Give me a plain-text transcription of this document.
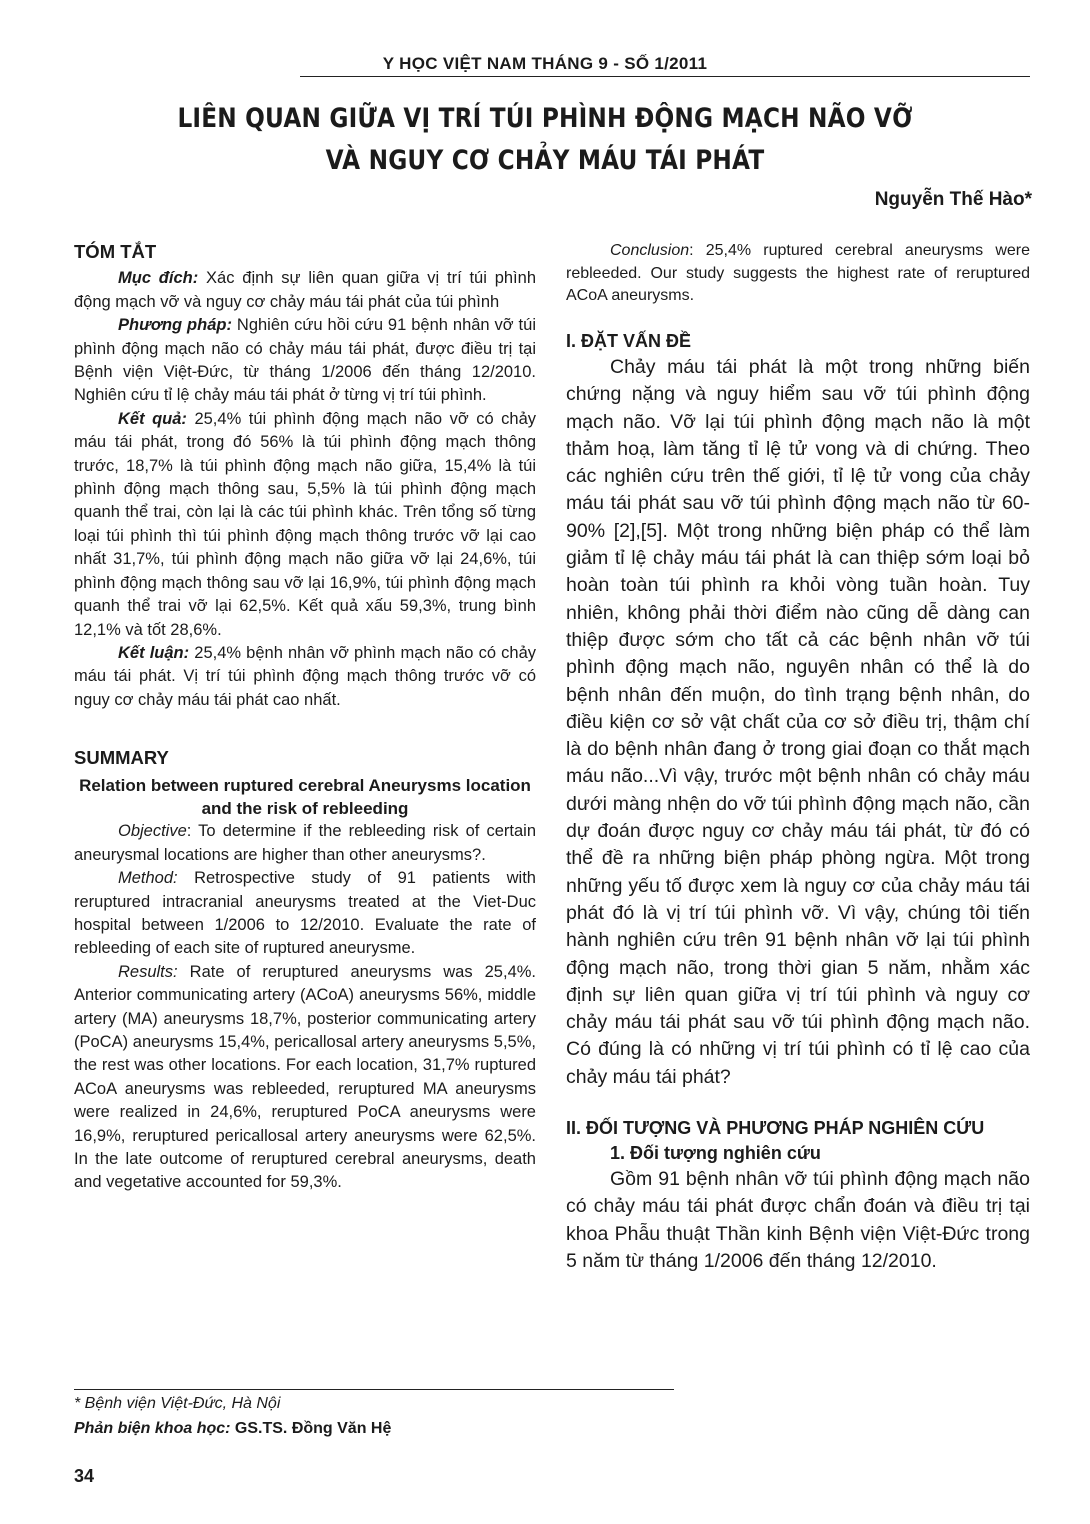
Y HỌC VIỆT NAM THÁNG 9 - SỐ 1/2011
LIÊN QUAN GIỮA VỊ TRÍ TÚI PHÌNH ĐỘNG MẠCH NÃO VỠ
VÀ NGUY CƠ CHẢY MÁU TÁI PHÁT
Nguyễn Thế Hào*
TÓM TẮT

Mục đích: Xác định sự liên quan giữa vị trí túi phình động mạch vỡ và nguy cơ chảy máu tái phát của túi phình

Phương pháp: Nghiên cứu hồi cứu 91 bệnh nhân vỡ túi phình động mạch não có chảy máu tái phát, được điều trị tại Bệnh viện Việt-Đức, từ tháng 1/2006 đến tháng 12/2010. Nghiên cứu tỉ lệ chảy máu tái phát ở từng vị trí túi phình.

Kết quả: 25,4% túi phình động mạch não vỡ có chảy máu tái phát, trong đó 56% là túi phình động mạch thông trước, 18,7% là túi phình động mạch não giữa, 15,4% là túi phình động mạch thông sau, 5,5% là túi phình động mạch quanh thể trai, còn lại là các túi phình khác. Trên tổng số từng loại túi phình thì túi phình động mạch thông trước vỡ lại cao nhất 31,7%, túi phình động mạch não giữa vỡ lại 24,6%, túi phình động mạch thông sau vỡ lại 16,9%, túi phình động mạch quanh thể trai vỡ lại 62,5%. Kết quả xấu 59,3%, trung bình 12,1% và tốt 28,6%.

Kết luận: 25,4% bệnh nhân vỡ phình mạch não có chảy máu tái phát. Vị trí túi phình động mạch thông trước vỡ có nguy cơ chảy máu tái phát cao nhất.

SUMMARY
Relation between ruptured cerebral Aneurysms location and the risk of rebleeding

Objective: To determine if the rebleeding risk of certain aneurysmal locations are higher than other aneurysms?.

Method: Retrospective study of 91 patients with reruptured intracranial aneurysms treated at the Viet-Duc hospital between 1/2006 to 12/2010. Evaluate the rate of rebleeding of each site of ruptured aneurysme.

Results: Rate of reruptured aneurysms was 25,4%. Anterior communicating artery (ACoA) aneurysms 56%, middle artery (MA) aneurysms 18,7%, posterior communicating artery (PoCA) aneurysms 15,4%, pericallosal artery aneurysms 5,5%, the rest was other locations. For each location, 31,7% ruptured ACoA aneurysms was rebleeded, reruptured MA aneurysms were realized in 24,6%, reruptured PoCA aneurysms were 16,9%, reruptured pericallosal artery aneurysms were 62,5%. In the late outcome of reruptured cerebral aneurysms, death and vegetative accounted for 59,3%.

Conclusion: 25,4% ruptured cerebral aneurysms were rebleeded. Our study suggests the highest rate of reruptured ACoA aneurysms.

I. ĐẶT VẤN ĐỀ

Chảy máu tái phát là một trong những biến chứng nặng và nguy hiểm sau vỡ túi phình động mạch não. Vỡ lại túi phình động mạch não là một thảm hoạ, làm tăng tỉ lệ tử vong và di chứng. Theo các nghiên cứu trên thế giới, tỉ lệ tử vong của chảy máu tái phát sau vỡ túi phình động mạch não từ 60-90% [2],[5]. Một trong những biện pháp có thể làm giảm tỉ lệ chảy máu tái phát là can thiệp sớm loại bỏ hoàn toàn túi phình ra khỏi vòng tuần hoàn. Tuy nhiên, không phải thời điểm nào cũng dễ dàng can thiệp được sớm cho tất cả các bệnh nhân vỡ túi phình động mạch não, nguyên nhân có thể là do bệnh nhân đến muộn, do tình trạng bệnh nhân, do điều kiện cơ sở vật chất của cơ sở điều trị, thậm chí là do bệnh nhân đang ở trong giai đoạn co thắt mạch máu não...Vì vậy, trước một bệnh nhân có chảy máu dưới màng nhện do vỡ túi phình động mạch não, cần dự đoán được nguy cơ chảy máu tái phát, từ đó có thể đề ra những biện pháp phòng ngừa. Một trong những yếu tố được xem là nguy cơ của chảy máu tái phát đó là vị trí túi phình vỡ. Vì vậy, chúng tôi tiến hành nghiên cứu trên 91 bệnh nhân vỡ lại túi phình động mạch não, trong thời gian 5 năm, nhằm xác định sự liên quan giữa vị trí túi phình và nguy cơ chảy máu tái phát sau vỡ túi phình động mạch não. Có đúng là có những vị trí túi phình có tỉ lệ cao của chảy máu tái phát?

II. ĐỐI TƯỢNG VÀ PHƯƠNG PHÁP NGHIÊN CỨU
1. Đối tượng nghiên cứu

Gồm 91 bệnh nhân vỡ túi phình động mạch não có chảy máu tái phát được chẩn đoán và điều trị tại khoa Phẫu thuật Thần kinh Bệnh viện Việt-Đức trong 5 năm từ tháng 1/2006 đến tháng 12/2010.

* Bệnh viện Việt-Đức, Hà Nội
Phản biện khoa học: GS.TS. Đồng Văn Hệ
34
